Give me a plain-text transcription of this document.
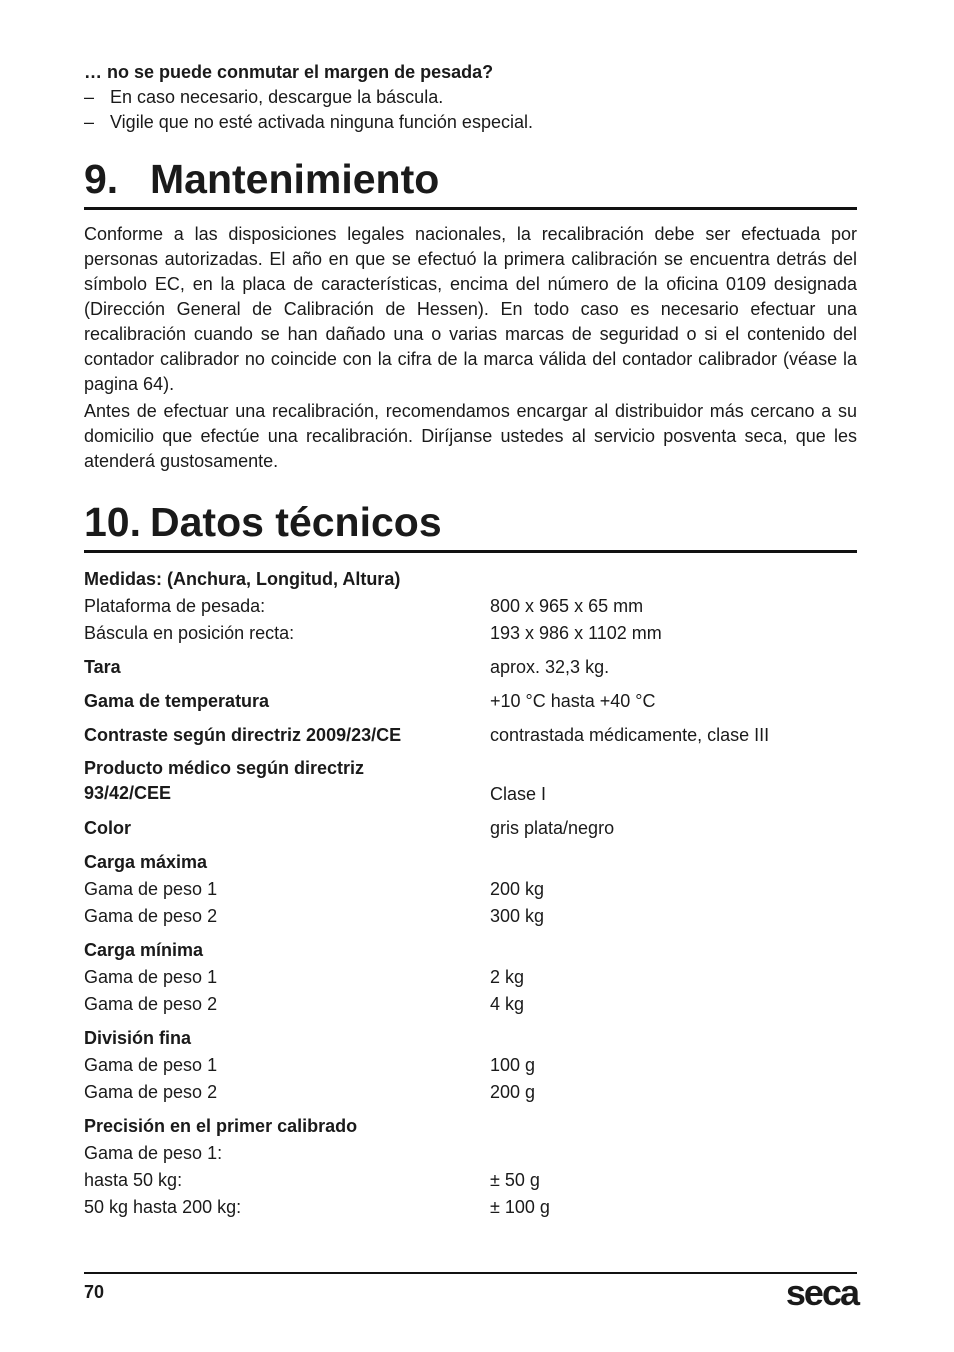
… no se puede conmutar el margen de pesada?
– En caso necesario, descargue la báscula.
– Vigile que no esté activada ninguna función especial.
9. Mantenimiento

Conforme a las disposiciones legales nacionales, la recalibración debe ser efectuada por personas autorizadas. El año en que se efectuó la primera calibración se encuentra detrás del símbolo EC, en la placa de características, encima del número de la oficina 0109 designada (Dirección General de Calibración de Hessen). En todo caso es necesario efectuar una recalibración cuando se han dañado una o varias marcas de seguridad o si el contenido del contador calibrador no coincide con la cifra de la marca válida del contador calibrador (véase la pagina 64).

Antes de efectuar una recalibración, recomendamos encargar al distribuidor más cercano a su domicilio que efectúe una recalibración. Diríjanse ustedes al servicio posventa seca, que les atenderá gustosamente.

10. Datos técnicos
Medidas: (Anchura, Longitud, Altura)
Plataforma de pesada:	800 x 965 x 65 mm
Báscula en posición recta:	193 x 986 x 1102 mm
Tara	aprox. 32,3 kg.
Gama de temperatura	+10 °C hasta +40 °C
Contraste según directriz 2009/23/CE	contrastada médicamente, clase III
Producto médico según directriz
93/42/CEE	Clase I
Color	gris plata/negro
Carga máxima
Gama de peso 1	200 kg
Gama de peso 2	300 kg
Carga mínima
Gama de peso 1	2 kg
Gama de peso 2	4 kg
División fina
Gama de peso 1	100 g
Gama de peso 2	200 g
Precisión en el primer calibrado
Gama de peso 1:
hasta 50 kg:	± 50 g
50 kg hasta 200 kg:	± 100 g
70	seca
